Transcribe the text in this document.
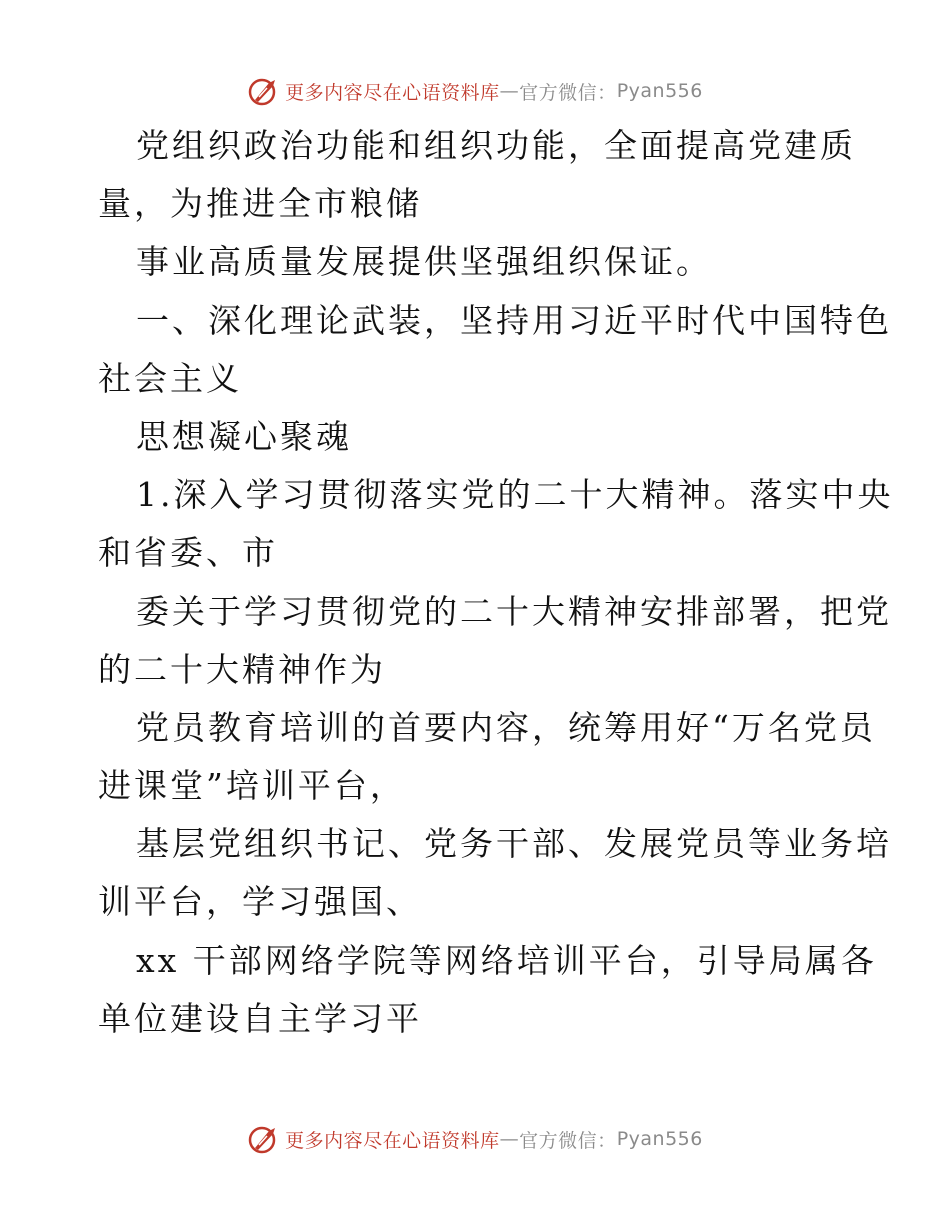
更多内容尽在心语资料库 — 官方微信： Pyan556
党组织政治功能和组织功能，全面提高党建质
量，为推进全市粮储
事业高质量发展提供坚强组织保证。
一、深化理论武装，坚持用习近平时代中国特色
社会主义
思想凝心聚魂
1.深入学习贯彻落实党的二十大精神。落实中央
和省委、市
委关于学习贯彻党的二十大精神安排部署，把党
的二十大精神作为
党员教育培训的首要内容，统筹用好“万名党员
进课堂”培训平台，
基层党组织书记、党务干部、发展党员等业务培
训平台，学习强国、
xx 干部网络学院等网络培训平台，引导局属各
单位建设自主学习平
更多内容尽在心语资料库 — 官方微信： Pyan556
